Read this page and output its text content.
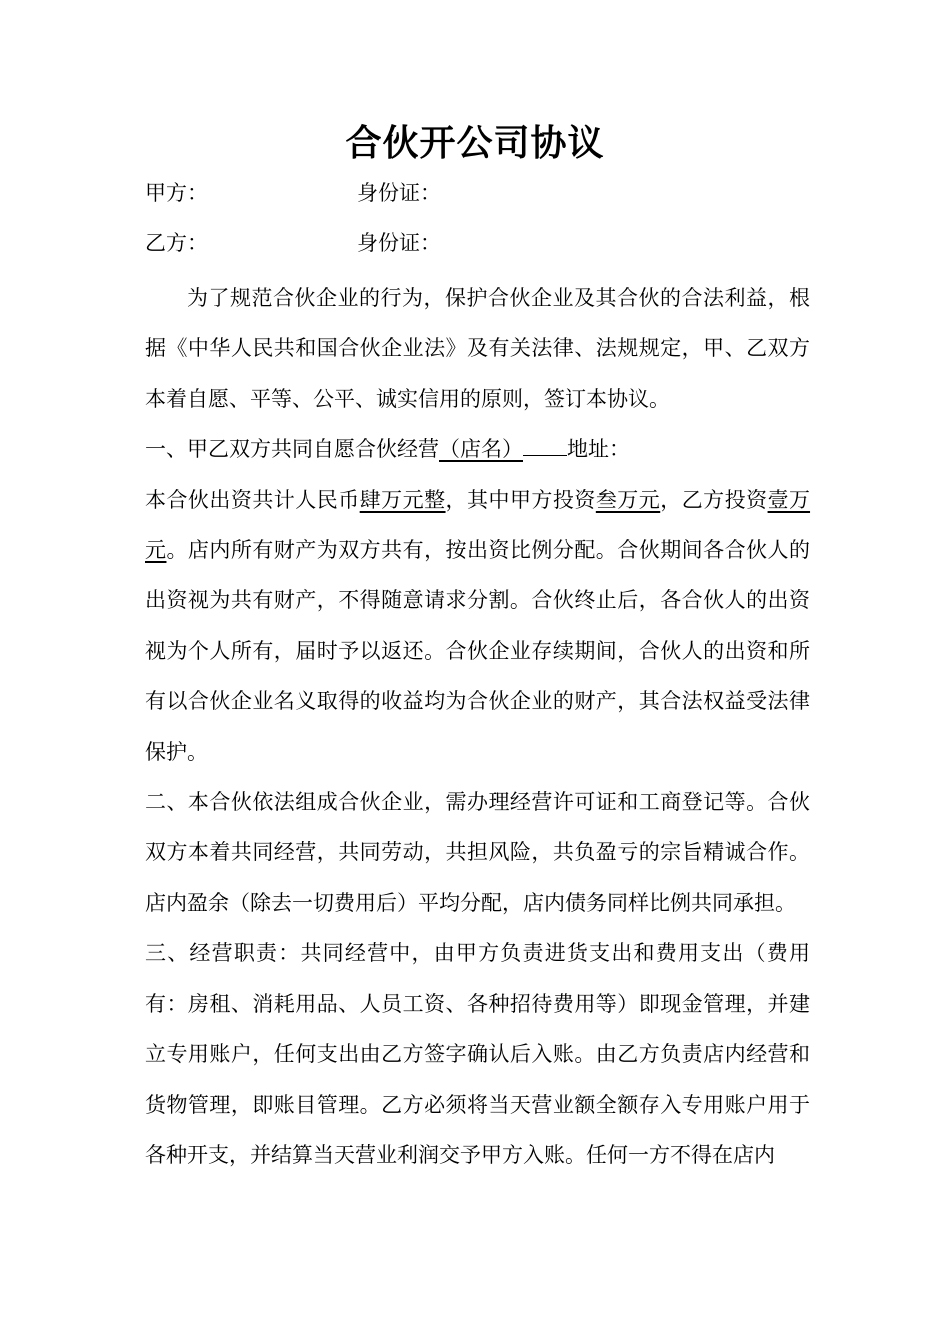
合伙开公司协议
甲方：	身份证：
乙方：	身份证：

为了规范合伙企业的行为，保护合伙企业及其合伙的合法利益，根据《中华人民共和国合伙企业法》及有关法律、法规规定，甲、乙双方本着自愿、平等、公平、诚实信用的原则，签订本协议。

一、甲乙双方共同自愿合伙经营（店名） 地址：

本合伙出资共计人民币肆万元整，其中甲方投资叁万元，乙方投资壹万元。店内所有财产为双方共有，按出资比例分配。合伙期间各合伙人的出资视为共有财产，不得随意请求分割。合伙终止后，各合伙人的出资视为个人所有，届时予以返还。合伙企业存续期间，合伙人的出资和所有以合伙企业名义取得的收益均为合伙企业的财产，其合法权益受法律保护。

二、本合伙依法组成合伙企业，需办理经营许可证和工商登记等。合伙双方本着共同经营，共同劳动，共担风险，共负盈亏的宗旨精诚合作。店内盈余（除去一切费用后）平均分配，店内债务同样比例共同承担。

三、经营职责：共同经营中，由甲方负责进货支出和费用支出（费用有：房租、消耗用品、人员工资、各种招待费用等）即现金管理，并建立专用账户，任何支出由乙方签字确认后入账。由乙方负责店内经营和货物管理，即账目管理。乙方必须将当天营业额全额存入专用账户用于各种开支，并结算当天营业利润交予甲方入账。任何一方不得在店内
